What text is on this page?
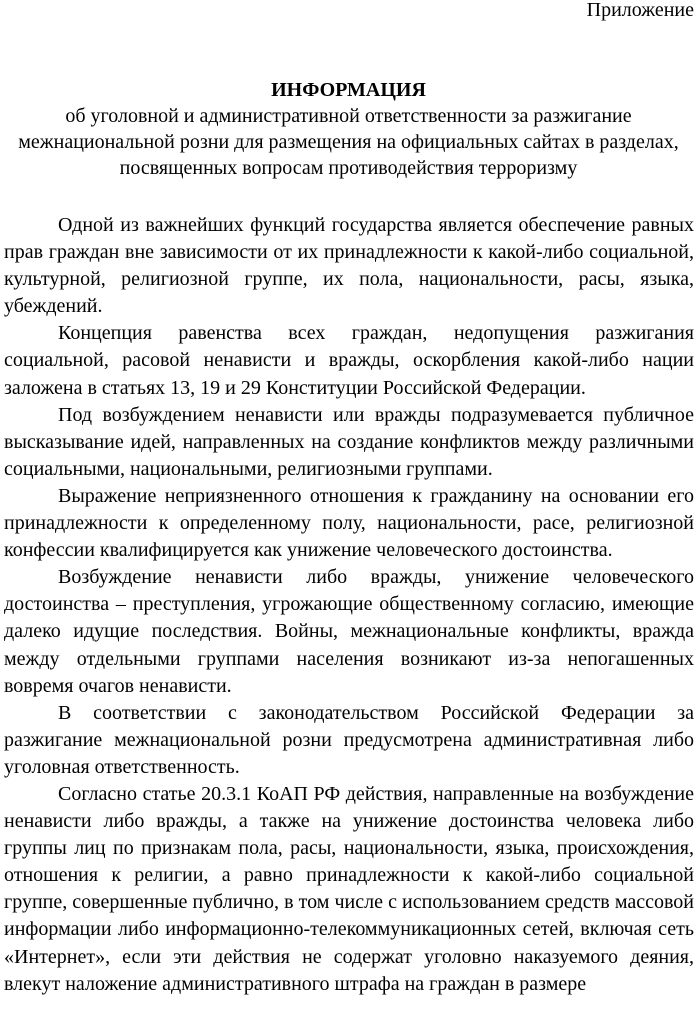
Приложение
ИНФОРМАЦИЯ
об уголовной и административной ответственности за разжигание межнациональной розни для размещения на официальных сайтах в разделах, посвященных вопросам противодействия терроризму

Одной из важнейших функций государства является обеспечение равных прав граждан вне зависимости от их принадлежности к какой-либо социальной, культурной, религиозной группе, их пола, национальности, расы, языка, убеждений.

Концепция равенства всех граждан, недопущения разжигания социальной, расовой ненависти и вражды, оскорбления какой-либо нации заложена в статьях 13, 19 и 29 Конституции Российской Федерации.

Под возбуждением ненависти или вражды подразумевается публичное высказывание идей, направленных на создание конфликтов между различными социальными, национальными, религиозными группами.

Выражение неприязненного отношения к гражданину на основании его принадлежности к определенному полу, национальности, расе, религиозной конфессии квалифицируется как унижение человеческого достоинства.

Возбуждение ненависти либо вражды, унижение человеческого достоинства – преступления, угрожающие общественному согласию, имеющие далеко идущие последствия. Войны, межнациональные конфликты, вражда между отдельными группами населения возникают из-за непогашенных вовремя очагов ненависти.

В соответствии с законодательством Российской Федерации за разжигание межнациональной розни предусмотрена административная либо уголовная ответственность.

Согласно статье 20.3.1 КоАП РФ действия, направленные на возбуждение ненависти либо вражды, а также на унижение достоинства человека либо группы лиц по признакам пола, расы, национальности, языка, происхождения, отношения к религии, а равно принадлежности к какой-либо социальной группе, совершенные публично, в том числе с использованием средств массовой информации либо информационно-телекоммуникационных сетей, включая сеть «Интернет», если эти действия не содержат уголовно наказуемого деяния, влекут наложение административного штрафа на граждан в размере
